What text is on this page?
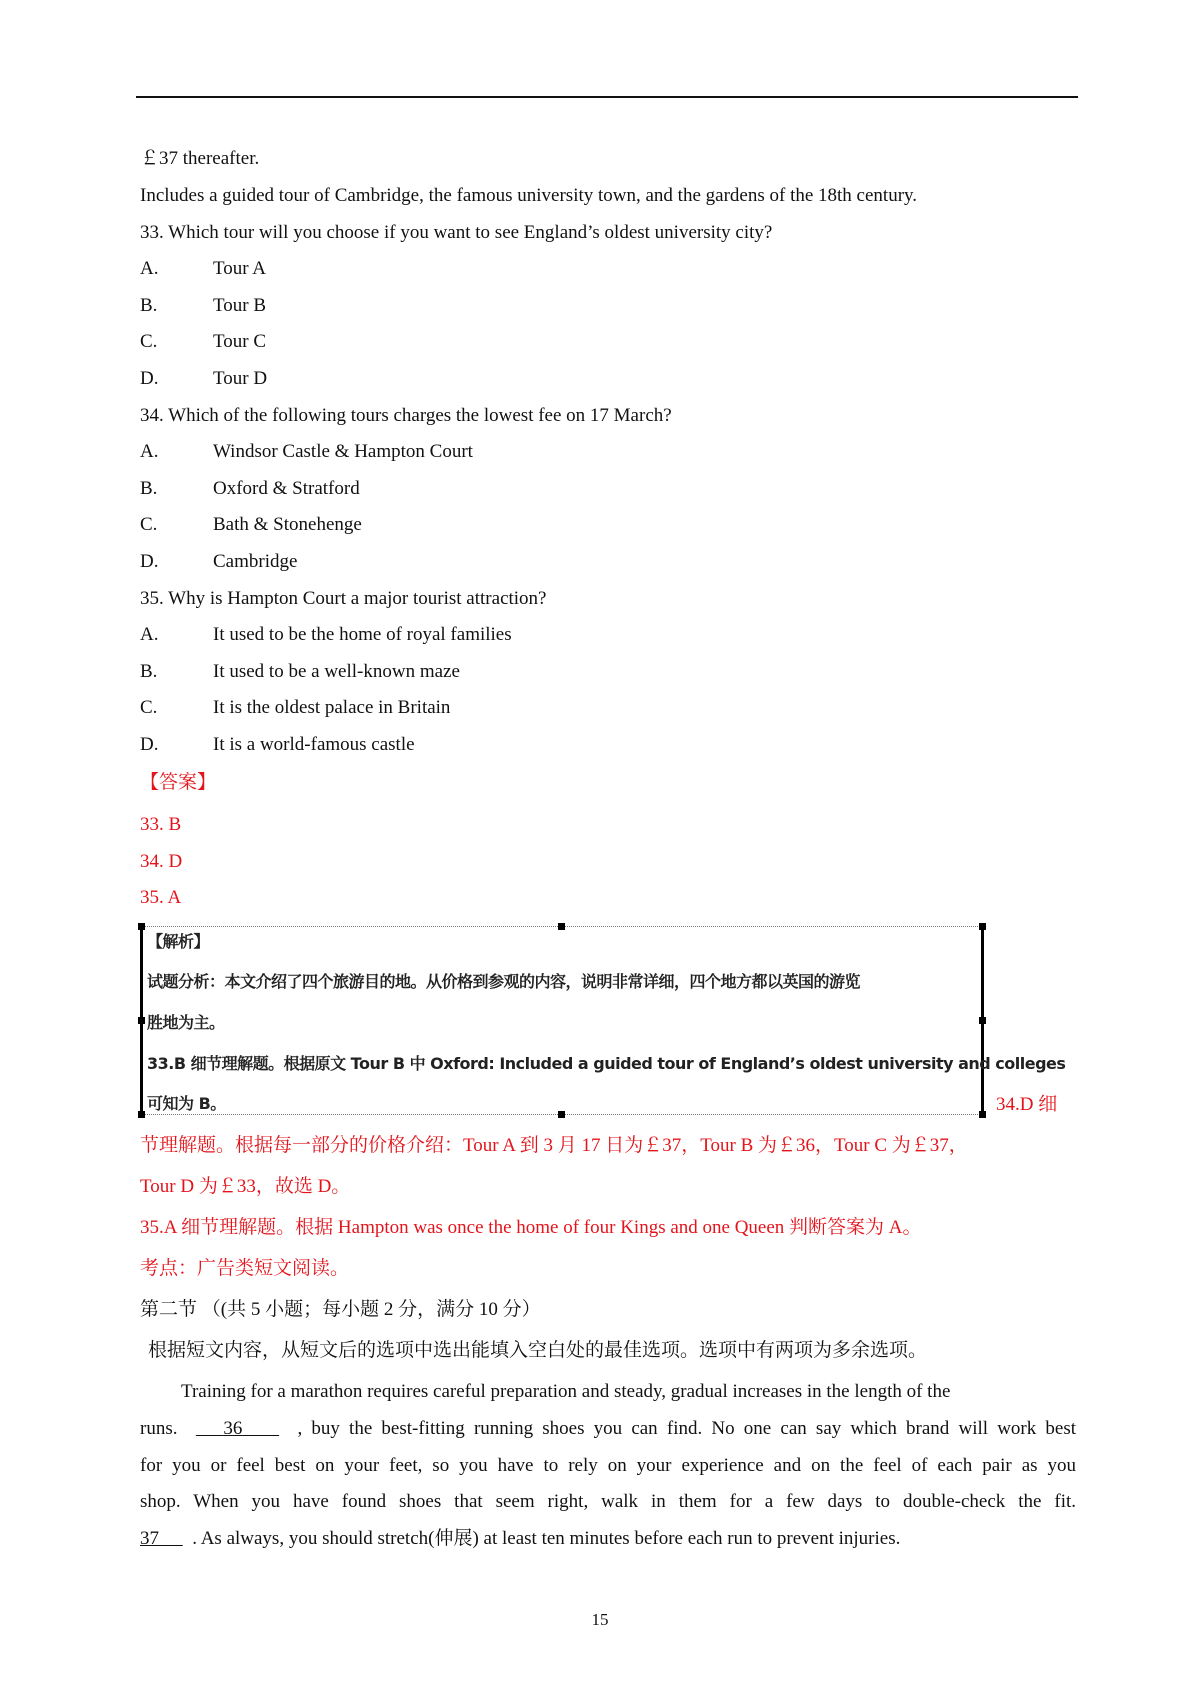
￡37 thereafter.
Includes a guided tour of Cambridge, the famous university town, and the gardens of the 18th century.
33. Which tour will you choose if you want to see England’s oldest university city?
A.	Tour A
B.	Tour B
C.	Tour C
D.	Tour D
34. Which of the following tours charges the lowest fee on 17 March?
A.	Windsor Castle & Hampton Court
B.	Oxford & Stratford
C.	Bath & Stonehenge
D.	Cambridge
35. Why is Hampton Court a major tourist attraction?
A.	It used to be the home of royal families
B.	It used to be a well-known maze
C.	It is the oldest palace in Britain
D.	It is a world-famous castle
【答案】
33. B
34. D
35. A
【解析】
试题分析：本文介绍了四个旅游目的地。从价格到参观的内容，说明非常详细，四个地方都以英国的游览
胜地为主。
33.B 细节理解题。根据原文 Tour B 中 Oxford: Included a guided tour of England’s oldest university and colleges
可知为 B。	34.D 细
节理解题。根据每一部分的价格介绍：Tour A 到 3 月 17 日为￡37，Tour B 为￡36，Tour C 为￡37，
Tour D 为￡33，故选 D。
35.A 细节理解题。根据 Hampton was once the home of four Kings and one Queen 判断答案为 A。
考点：广告类短文阅读。
第二节 （(共 5 小题；每小题 2 分，满分 10 分）
根据短文内容，从短文后的选项中选出能填入空白处的最佳选项。选项中有两项为多余选项。
Training for a marathon requires careful preparation and steady, gradual increases in the length of the
runs. 36	, buy the best-fitting running shoes you can find. No one can say which brand will work best
for you or feel best on your feet, so you have to rely on your experience and on the feel of each pair as you
shop. When you have found shoes that seem right, walk in them for a few days to double-check the fit.
37 . As always, you should stretch(伸展) at least ten minutes before each run to prevent injuries.
15
